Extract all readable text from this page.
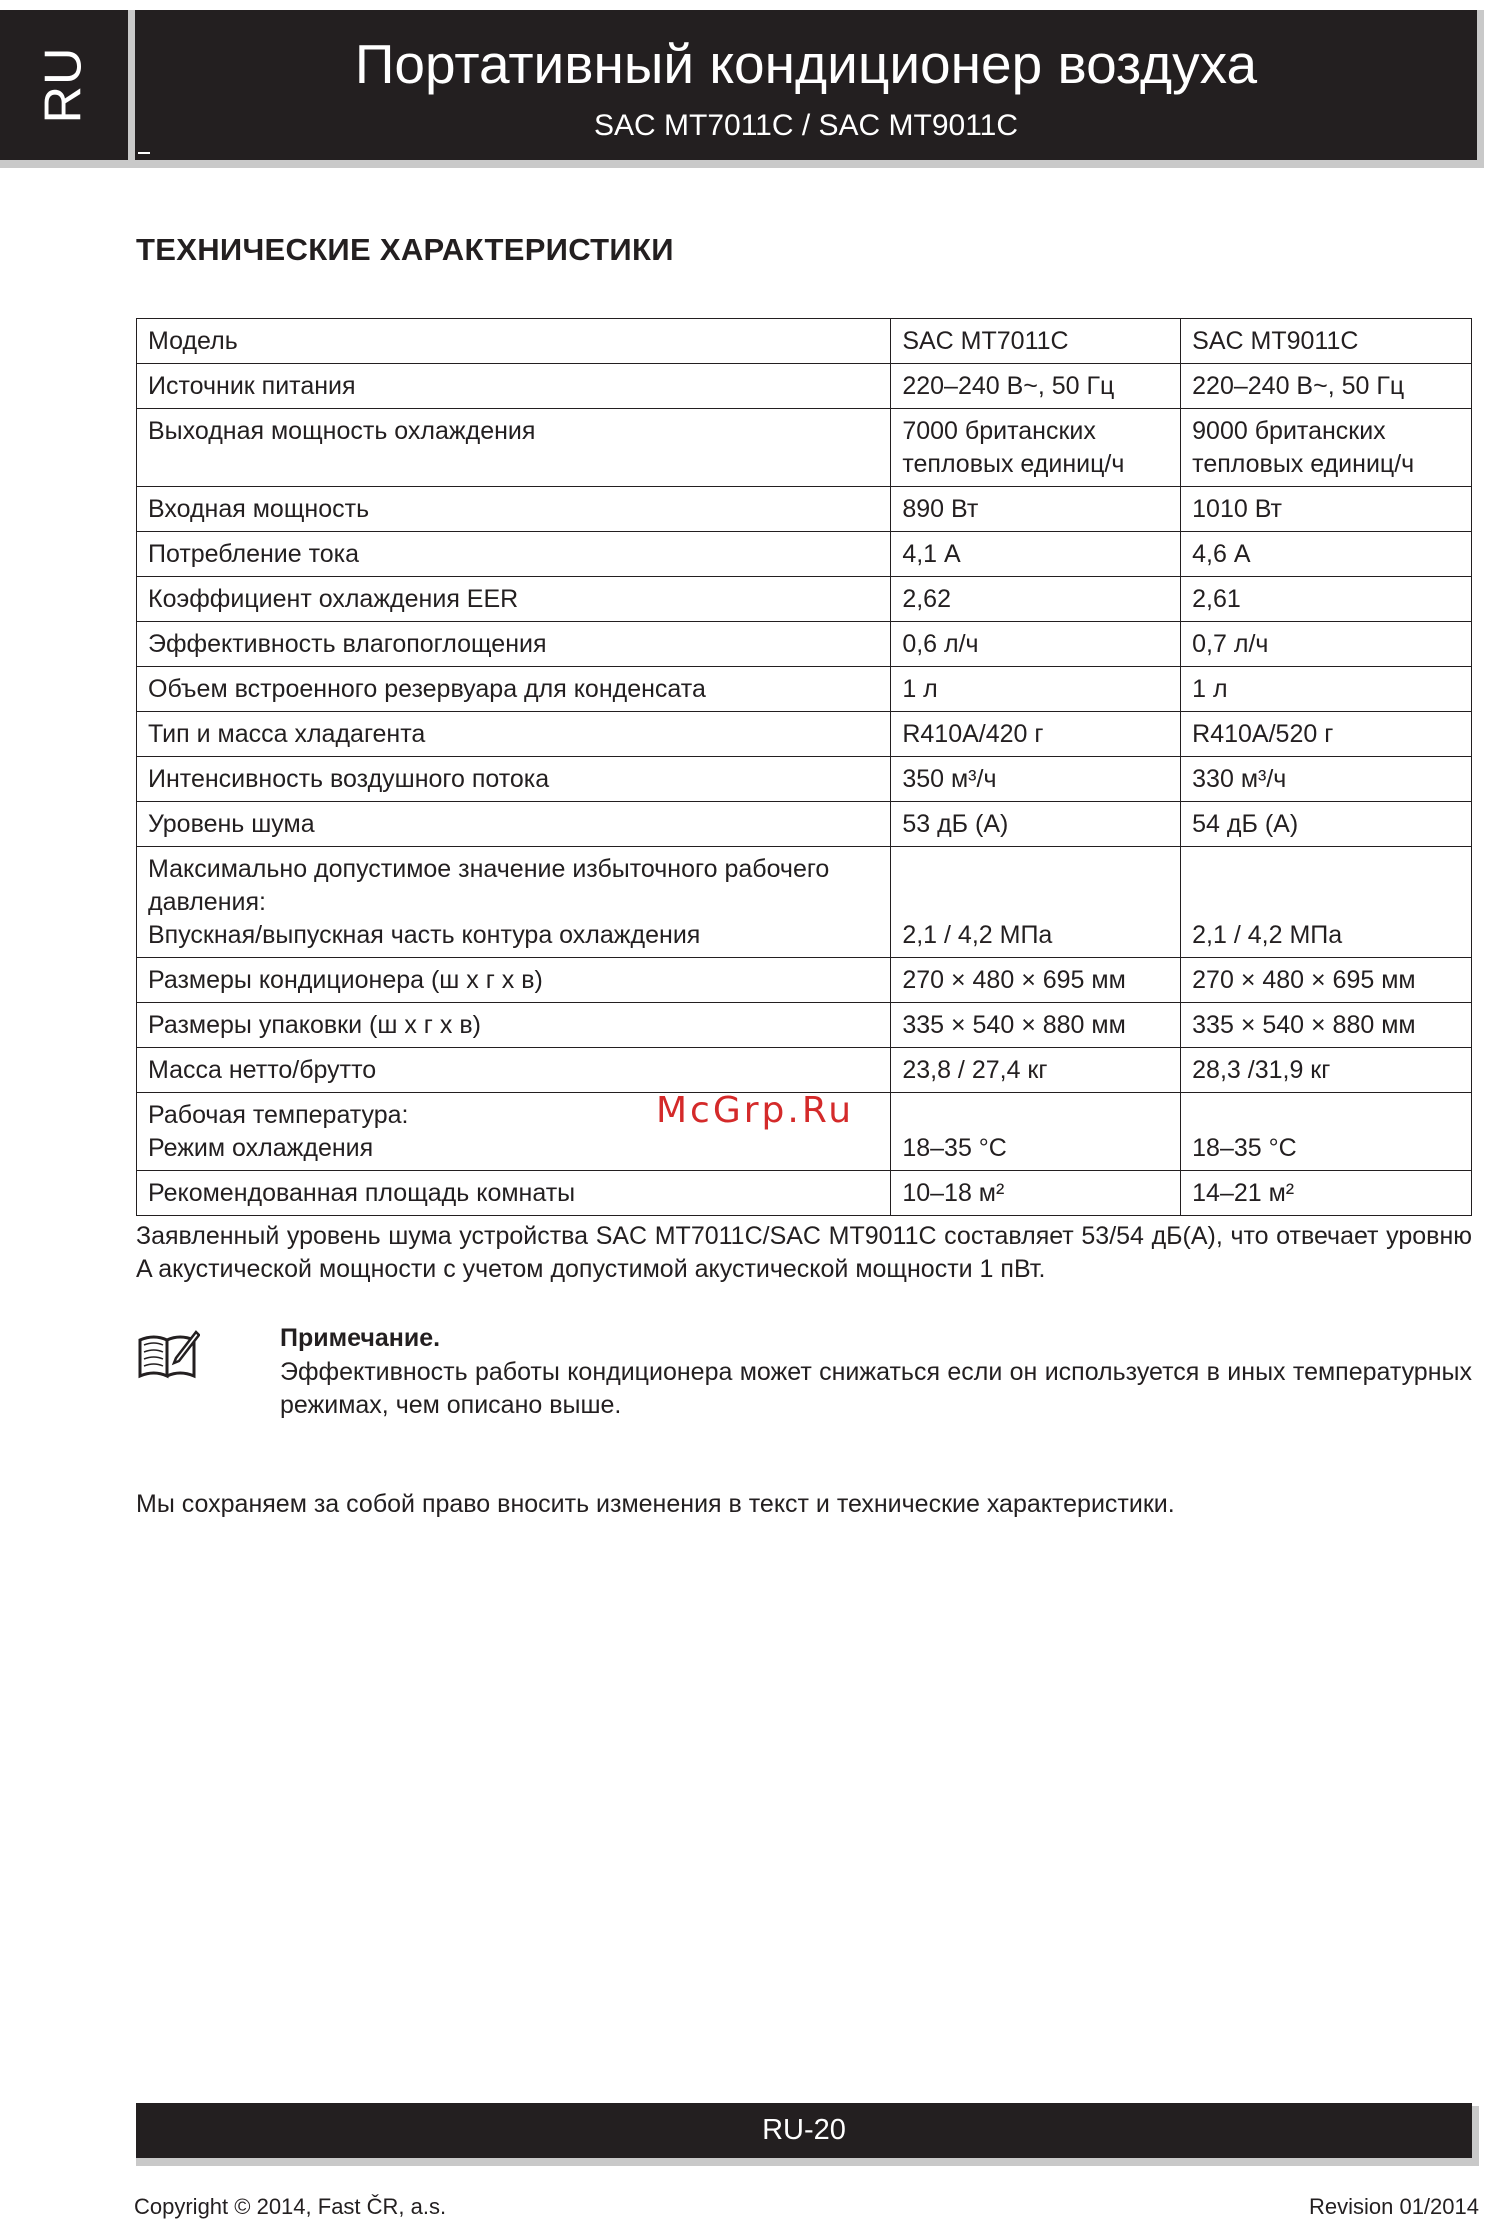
RU	Портативный кондиционер воздуха
SAC MT7011C / SAC MT9011C
ТЕХНИЧЕСКИЕ ХАРАКТЕРИСТИКИ
Модель	SAC MT7011C	SAC MT9011C

Источник питания	220–240 В~, 50 Гц	220–240 В~, 50 Гц

Выходная мощность охлаждения	7000 британских тепловых единиц/ч	9000 британских тепловых единиц/ч

Входная мощность	890 Вт	1010 Вт

Потребление тока	4,1 А	4,6 А

Коэффициент охлаждения EER	2,62	2,61

Эффективность влагопоглощения	0,6 л/ч	0,7 л/ч

Объем встроенного резервуара для конденсата	1 л	1 л

Тип и масса хладагента	R410A/420 г	R410A/520 г

Интенсивность воздушного потока	350 м³/ч	330 м³/ч

Уровень шума	53 дБ (A)	54 дБ (A)

Максимально допустимое значение избыточного рабочего давления:
Впускная/выпускная часть контура охлаждения	2,1 / 4,2 МПа	2,1 / 4,2 МПа

Размеры кондиционера (ш х г х в)	270 × 480 × 695 мм	270 × 480 × 695 мм

Размеры упаковки (ш х г х в)	335 × 540 × 880 мм	335 × 540 × 880 мм

Масса нетто/брутто	23,8 / 27,4 кг	28,3 /31,9 кг

Рабочая температура:
Режим охлаждения	18–35 °C	18–35 °C

Рекомендованная площадь комнаты	10–18 м²	14–21 м²
McGrp.Ru
Заявленный уровень шума устройства SAC MT7011C/SAC MT9011C составляет 53/54 дБ(A), что отвечает уровню A акустической мощности с учетом допустимой акустической мощности 1 пВт.
Примечание.
Эффективность работы кондиционера может снижаться если он используется в иных температурных режимах, чем описано выше.
Мы сохраняем за собой право вносить изменения в текст и технические характеристики.
RU-20
Copyright © 2014, Fast ČR, a.s.	Revision 01/2014
